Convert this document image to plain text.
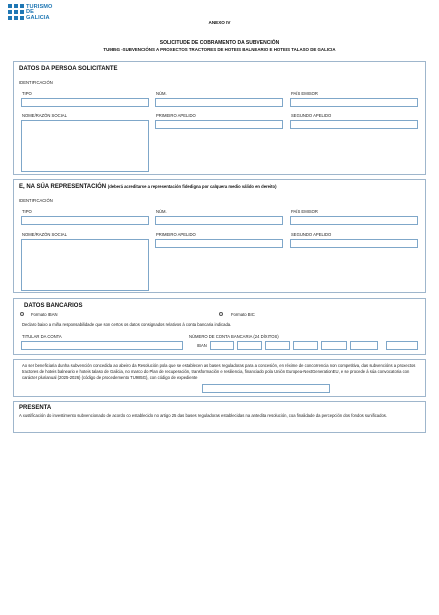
TURISMO
DE
GALICIA
ANEXO IV
SOLICITUDE DE COBRAMENTO DA SUBVENCIÓN
TU985G -SUBVENCIÓNS A PROXECTOS TRACTORES DE HOTEIS BALNEARIO E HOTEIS TALASO DE GALICIA
DATOS DA PERSOA SOLICITANTE
IDENTIFICACIÓN
TIPO	NÚM.	PAÍS EMISOR
NOME/RAZÓN SOCIAL	PRIMEIRO APELIDO	SEGUNDO APELIDO
E, NA SÚA REPRESENTACIÓN (deberá acreditarse a representación fidedigna por calquera medio válido en dereito)
IDENTIFICACIÓN
TIPO	NÚM.	PAÍS EMISOR
NOME/RAZÓN SOCIAL	PRIMEIRO APELIDO	SEGUNDO APELIDO
DATOS BANCARIOS
Formato IBAN	Formato BIC
Declaro baixo a miña responsabilidade que son certos os datos consignados relativos á conta bancaria indicada.
TITULAR DA CONTA	NÚMERO DE CONTA BANCARIA (24 DÍXITOS)
IBAN
Ao ser beneficiaria dunha subvención concedida ao abeiro da Resolución pola que se establecen as bases reguladoras para a concesión, en réxime de concorrencia non competitiva, das subvencións a proxectos tractores de hoteis balneario e hoteis talaso de Galicia, no marco do Plan de recuperación, transformación e resiliencia, financiado pola Unión Europea-NextGenerationEU, e se procede á súa convocatoria con carácter plurianual (2025-2026) (código de procedemento TU985G), con código de expediente
PRESENTA
A xustificación do investimento subvencionado de acordo co establecido no artigo 25 das bases reguladoras establecidas na antedita resolución, coa finalidade da percepción dos fondos sunificados.
